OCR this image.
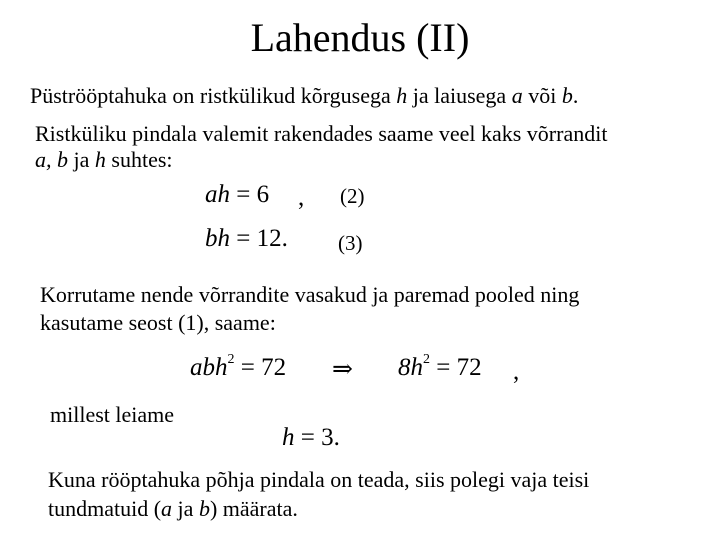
Lahendus (II)
Püströöptahuka on ristkülikud kõrgusega h ja laiusega a või b.
Ristküliku pindala valemit rakendades saame veel kaks võrrandit
a, b ja h suhtes:
ah = 6 , (2)
bh = 12. (3)
Korrutame nende võrrandite vasakud ja paremad pooled ning
kasutame seost (1), saame:
abh$^2$ = 72 ⇒ $8h^2 = 72$ ,
millest leiame
h = 3.
Kuna rööptahuka põhja pindala on teada, siis polegi vaja teisi
tundmatuid (a ja b) määrata.
